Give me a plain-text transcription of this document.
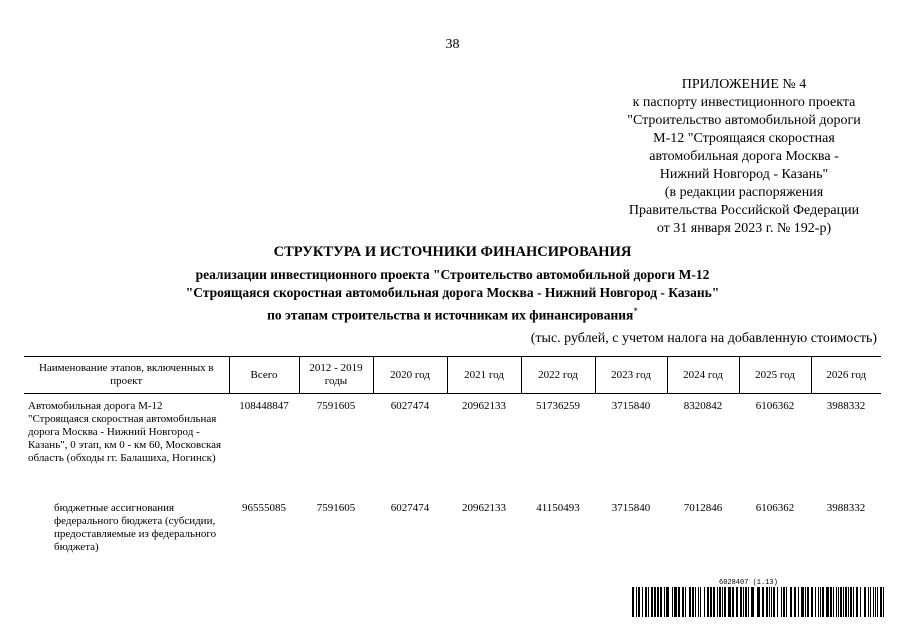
38
ПРИЛОЖЕНИЕ № 4
к паспорту инвестиционного проекта
"Строительство автомобильной дороги
М-12 "Строящаяся скоростная
автомобильная дорога Москва -
Нижний Новгород - Казань"
(в редакции распоряжения
Правительства Российской Федерации
от 31 января 2023 г. № 192-р)
СТРУКТУРА И ИСТОЧНИКИ ФИНАНСИРОВАНИЯ
реализации инвестиционного проекта "Строительство автомобильной дороги М-12
"Строящаяся скоростная автомобильная дорога Москва - Нижний Новгород - Казань"
по этапам строительства и источникам их финансирования*
(тыс. рублей, с учетом налога на добавленную стоимость)
Наименование этапов, включенных в проект	Всего	2012 - 2019 годы	2020 год	2021 год	2022 год	2023 год	2024 год	2025 год	2026 год
Автомобильная дорога М-12 "Строящаяся скоростная автомобильная дорога Москва - Нижний Новгород - Казань", 0 этап, км 0 - км 60, Московская область (обходы гг. Балашиха, Ногинск)	108448847	7591605	6027474	20962133	51736259	3715840	8320842	6106362	3988332
бюджетные ассигнования федерального бюджета (субсидии, предоставляемые из федерального бюджета)	96555085	7591605	6027474	20962133	41150493	3715840	7012846	6106362	3988332
6028407 (1.13)
